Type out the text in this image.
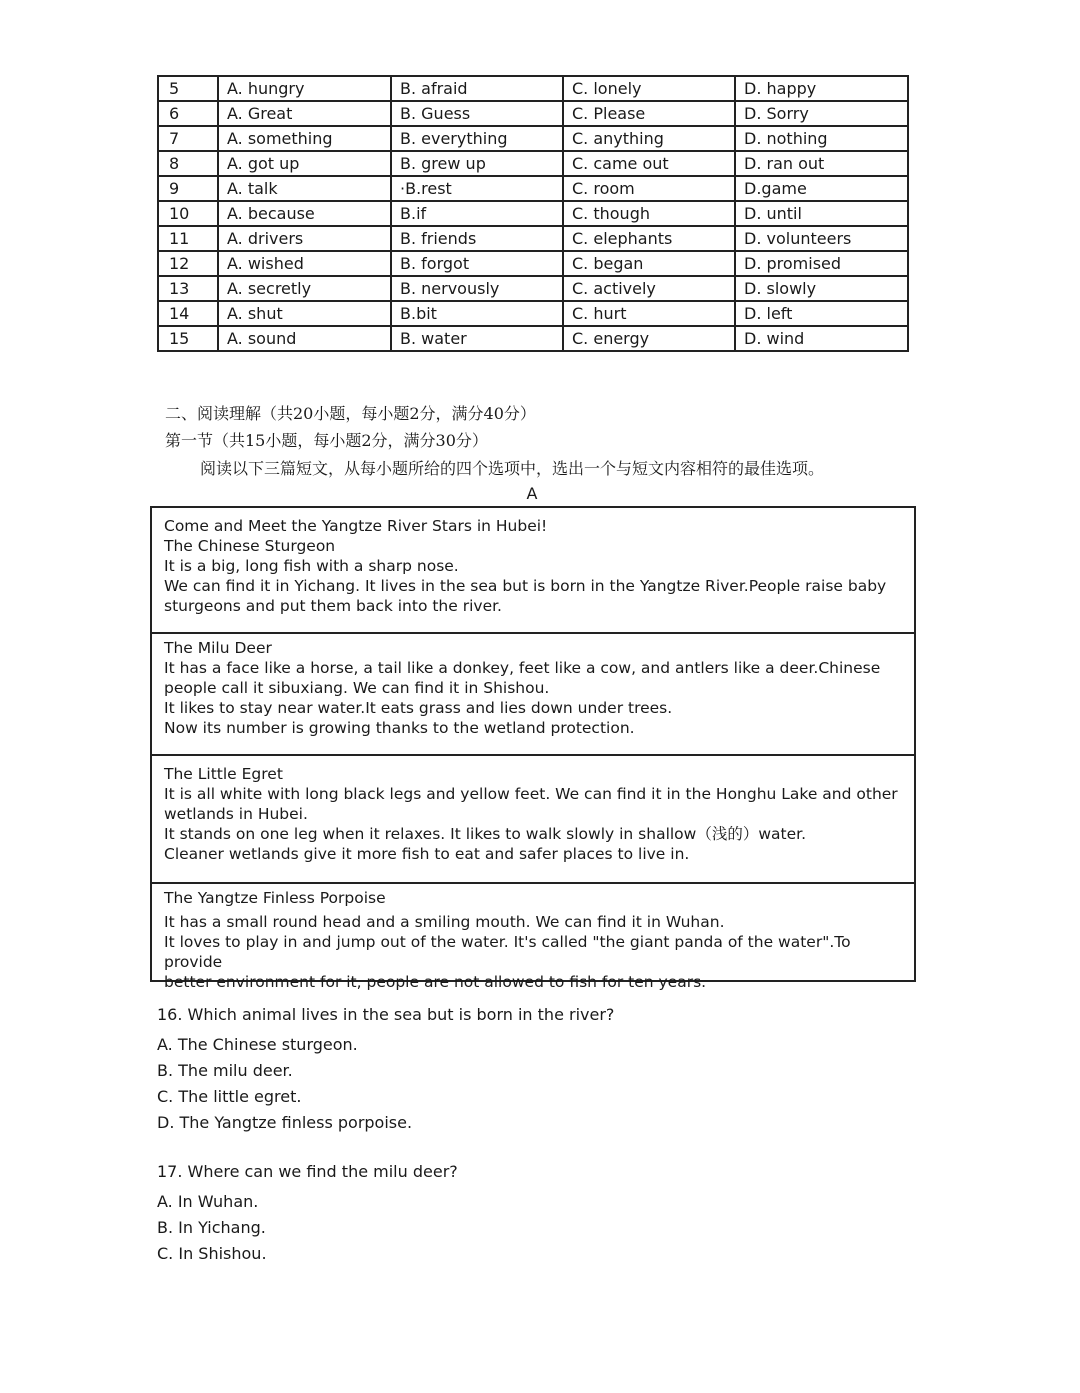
5	A. hungry	B. afraid	C. lonely	D. happy
6	A. Great	B. Guess	C. Please	D. Sorry
7	A. something	B. everything	C. anything	D. nothing
8	A. got up	B. grew up	C. came out	D. ran out
9	A. talk	·B.rest	C. room	D.game
10	A. because	B.if	C. though	D. until
11	A. drivers	B. friends	C. elephants	D. volunteers
12	A. wished	B. forgot	C. began	D. promised
13	A. secretly	B. nervously	C. actively	D. slowly
14	A. shut	B.bit	C. hurt	D. left
15	A. sound	B. water	C. energy	D. wind
二、阅读理解（共20小题，每小题2分，满分40分）
第一节（共15小题，每小题2分，满分30分）
阅读以下三篇短文，从每小题所给的四个选项中，选出一个与短文内容相符的最佳选项。
A

Come and Meet the Yangtze River Stars in Hubei!

The Chinese Sturgeon

It is a big, long fish with a sharp nose.

We can find it in Yichang. It lives in the sea but is born in the Yangtze River.People raise baby

sturgeons and put them back into the river.

The Milu Deer

It has a face like a horse, a tail like a donkey, feet like a cow, and antlers like a deer.Chinese

people call it sibuxiang. We can find it in Shishou.

It likes to stay near water.It eats grass and lies down under trees.

Now its number is growing thanks to the wetland protection.

The Little Egret

It is all white with long black legs and yellow feet. We can find it in the Honghu Lake and other

wetlands in Hubei.

It stands on one leg when it relaxes. It likes to walk slowly in shallow（浅的）water.

Cleaner wetlands give it more fish to eat and safer places to live in.

The Yangtze Finless Porpoise

It has a small round head and a smiling mouth. We can find it in Wuhan.

It loves to play in and jump out of the water. It's called "the giant panda of the water".To provide

better environment for it, people are not allowed to fish for ten years.

16. Which animal lives in the sea but is born in the river?
A. The Chinese sturgeon.
B. The milu deer.
C. The little egret.
D. The Yangtze finless porpoise.
17. Where can we find the milu deer?
A. In Wuhan.
B. In Yichang.
C. In Shishou.
